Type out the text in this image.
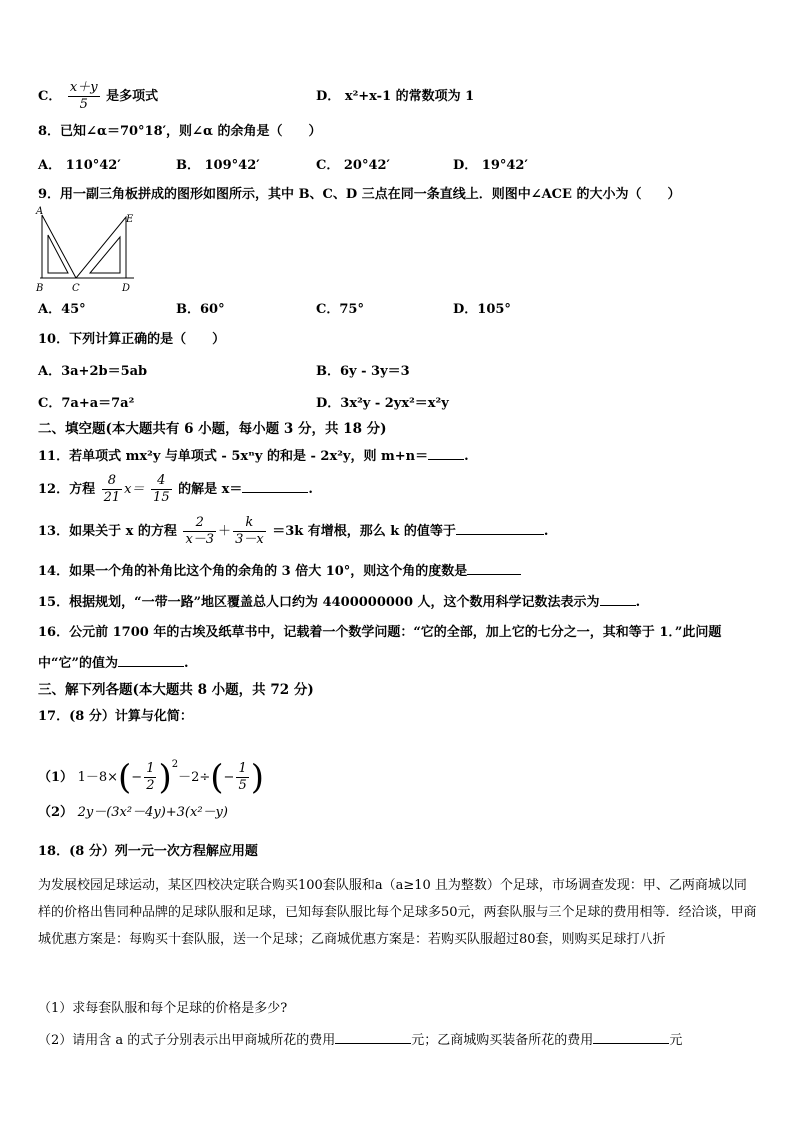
C． $\frac{x+y}{5}$ 是多项式	D． x²+x-1 的常数项为 1
8．已知∠α＝70°18′，则∠α 的余角是（　　）
A． 110°42′	B． 109°42′	C． 20°42′	D． 19°42′
9．用一副三角板拼成的图形如图所示，其中 B、C、D 三点在同一条直线上．则图中∠ACE 的大小为（　　）
A
E
B	C	D
A．45°	B．60°	C．75°	D．105°
10．下列计算正确的是（　　）
A．3a+2b＝5ab	B．6y - 3y＝3
C．7a+a＝7a²	D．3x²y - 2yx²＝x²y
二、填空题(本大题共有 6 小题，每小题 3 分，共 18 分)
11．若单项式 mx²y 与单项式 - 5xⁿy 的和是 - 2x²y，则 m+n＝	.
12．方程 $\frac{8}{21} x= \frac{4}{15}$ 的解是 x＝	.
13．如果关于 x 的方程 $\frac{2}{x-3} + \frac{k}{3-x} =3k$ 有增根，那么 k 的值等于	.
14．如果一个角的补角比这个角的余角的 3 倍大 10°，则这个角的度数是
15．根据规划，“一带一路”地区覆盖总人口约为 4400000000 人，这个数用科学记数法表示为	.
16．公元前 1700 年的古埃及纸草书中，记载着一个数学问题：“它的全部，加上它的七分之一，其和等于 1．”此问题
中“它”的值为	.
三、解下列各题(本大题共 8 小题，共 72 分)
17．(8 分）计算与化简：
（1） $1-8\times(- \frac{1}{2} )^2-2\div(- \frac{1}{5}$ )
（2） 2y－(3x²－4y)+3(x²－y)
18．(8 分）列一元一次方程解应用题
为发展校园足球运动，某区四校决定联合购买100套队服和a（a≥10 且为整数）个足球，市场调查发现：甲、乙两商城以同样的价格出售同种品牌的足球队服和足球，已知每套队服比每个足球多50元，两套队服与三个足球的费用相等．经洽谈，甲商城优惠方案是：每购买十套队服，送一个足球；乙商城优惠方案是：若购买队服超过80套，则购买足球打八折
（1）求每套队服和每个足球的价格是多少?
（2）请用含 a 的式子分别表示出甲商城所花的费用	元；乙商城购买装备所花的费用	元
